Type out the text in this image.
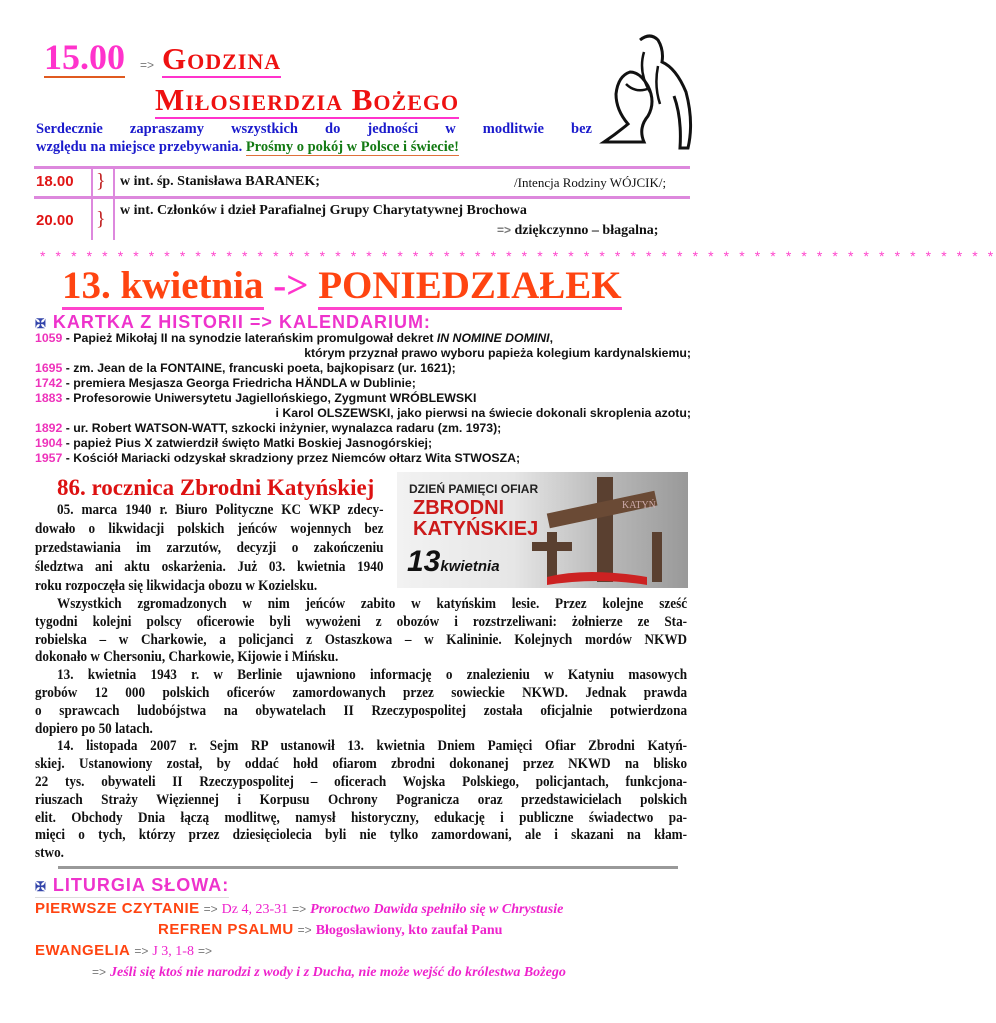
15.00 => Godzina
Miłosierdzia Bożego
Serdecznie zapraszamy wszystkich do jedności w modlitwie bez
względu na miejsce przebywania. Prośmy o pokój w Polsce i świecie!
18.00 } w int. śp. Stanisława BARANEK;	/Intencja Rodziny WÓJCIK/;
20.00 } w int. Członków i dzieł Parafialnej Grupy Charytatywnej Brochowa
=> dziękczynno – błagalna;
* * * * * * * * * * * * * * * * * * * * * * * * * * * * * * * * * * * * * * * * * * * * * * * * * * * * * * * * * * * * * *
13. kwietnia -> PONIEDZIAŁEK
✠ KARTKA Z HISTORII => KALENDARIUM:
1059 - Papież Mikołaj II na synodzie laterańskim promulgował dekret IN NOMINE DOMINI,
którym przyznał prawo wyboru papieża kolegium kardynalskiemu;
1695 - zm. Jean de la FONTAINE, francuski poeta, bajkopisarz (ur. 1621);
1742 - premiera Mesjasza Georga Friedricha HÄNDLA w Dublinie;
1883 - Profesorowie Uniwersytetu Jagiellońskiego, Zygmunt WRÓBLEWSKI
i Karol OLSZEWSKI, jako pierwsi na świecie dokonali skroplenia azotu;
1892 - ur. Robert WATSON-WATT, szkocki inżynier, wynalazca radaru (zm. 1973);
1904 - papież Pius X zatwierdził święto Matki Boskiej Jasnogórskiej;
1957 - Kościół Mariacki odzyskał skradziony przez Niemców ołtarz Wita STWOSZA;
86. rocznica Zbrodni Katyńskiej	DZIEŃ PAMIĘCI OFIAR
ZBRODNI
KATYŃSKIEJ
13kwietnia
KATYŃ
05. marca 1940 r. Biuro Polityczne KC WKP zdecy-
dowało o likwidacji polskich jeńców wojennych bez
przedstawiania im zarzutów, decyzji o zakończeniu
śledztwa ani aktu oskarżenia. Już 03. kwietnia 1940
roku rozpoczęła się likwidacja obozu w Kozielsku.
Wszystkich zgromadzonych w nim jeńców zabito w katyńskim lesie. Przez kolejne sześć
tygodni kolejni polscy oficerowie byli wywożeni z obozów i rozstrzeliwani: żołnierze ze Sta-
robielska – w Charkowie, a policjanci z Ostaszkowa – w Kalininie. Kolejnych mordów NKWD
dokonało w Chersoniu, Charkowie, Kijowie i Mińsku.
13. kwietnia 1943 r. w Berlinie ujawniono informację o znalezieniu w Katyniu masowych
grobów 12 000 polskich oficerów zamordowanych przez sowieckie NKWD. Jednak prawda
o sprawcach ludobójstwa na obywatelach II Rzeczypospolitej została oficjalnie potwierdzona
dopiero po 50 latach.
14. listopada 2007 r. Sejm RP ustanowił 13. kwietnia Dniem Pamięci Ofiar Zbrodni Katyń-
skiej. Ustanowiony został, by oddać hołd ofiarom zbrodni dokonanej przez NKWD na blisko
22 tys. obywateli II Rzeczypospolitej – oficerach Wojska Polskiego, policjantach, funkcjona-
riuszach Straży Więziennej i Korpusu Ochrony Pogranicza oraz przedstawicielach polskich
elit. Obchody Dnia łączą modlitwę, namysł historyczny, edukację i publiczne świadectwo pa-
mięci o tych, którzy przez dziesięciolecia byli nie tylko zamordowani, ale i skazani na kłam-
stwo.
✠ LITURGIA SŁOWA:
PIERWSZE CZYTANIE => Dz 4, 23-31 => Proroctwo Dawida spełniło się w Chrystusie
REFREN PSALMU => Błogosławiony, kto zaufał Panu
EWANGELIA => J 3, 1-8 =>
=> Jeśli się ktoś nie narodzi z wody i z Ducha, nie może wejść do królestwa Bożego
